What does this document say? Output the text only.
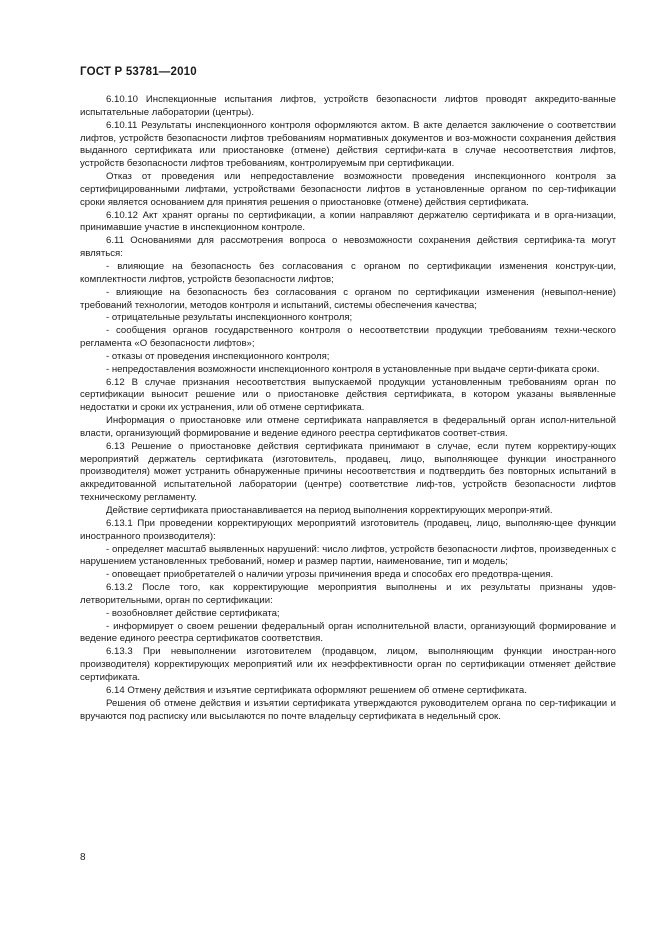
ГОСТ Р 53781—2010

6.10.10 Инспекционные испытания лифтов, устройств безопасности лифтов проводят аккредито-ванные испытательные лаборатории (центры).

6.10.11 Результаты инспекционного контроля оформляются актом. В акте делается заключение о соответствии лифтов, устройств безопасности лифтов требованиям нормативных документов и воз-можности сохранения действия выданного сертификата или приостановке (отмене) действия сертифи-ката в случае несоответствия лифтов, устройств безопасности лифтов требованиям, контролируемым при сертификации.

Отказ от проведения или непредоставление возможности проведения инспекционного контроля за сертифицированными лифтами, устройствами безопасности лифтов в установленные органом по сер-тификации сроки является основанием для принятия решения о приостановке (отмене) действия сертификата.

6.10.12 Акт хранят органы по сертификации, а копии направляют держателю сертификата и в орга-низации, принимавшие участие в инспекционном контроле.

6.11 Основаниями для рассмотрения вопроса о невозможности сохранения действия сертифика-та могут являться:

- влияющие на безопасность без согласования с органом по сертификации изменения конструк-ции, комплектности лифтов, устройств безопасности лифтов;

- влияющие на безопасность без согласования с органом по сертификации изменения (невыпол-нение) требований технологии, методов контроля и испытаний, системы обеспечения качества;

- отрицательные результаты инспекционного контроля;

- сообщения органов государственного контроля о несоответствии продукции требованиям техни-ческого регламента «О безопасности лифтов»;

- отказы от проведения инспекционного контроля;

- непредоставления возможности инспекционного контроля в установленные при выдаче серти-фиката сроки.

6.12 В случае признания несоответствия выпускаемой продукции установленным требованиям орган по сертификации выносит решение или о приостановке действия сертификата, в котором указаны выявленные недостатки и сроки их устранения, или об отмене сертификата.

Информация о приостановке или отмене сертификата направляется в федеральный орган испол-нительной власти, организующий формирование и ведение единого реестра сертификатов соответ-ствия.

6.13 Решение о приостановке действия сертификата принимают в случае, если путем корректиру-ющих мероприятий держатель сертификата (изготовитель, продавец, лицо, выполняющее функции иностранного производителя) может устранить обнаруженные причины несоответствия и подтвердить без повторных испытаний в аккредитованной испытательной лаборатории (центре) соответствие лиф-тов, устройств безопасности лифтов техническому регламенту.

Действие сертификата приостанавливается на период выполнения корректирующих меропри-ятий.

6.13.1 При проведении корректирующих мероприятий изготовитель (продавец, лицо, выполняю-щее функции иностранного производителя):

- определяет масштаб выявленных нарушений: число лифтов, устройств безопасности лифтов, произведенных с нарушением установленных требований, номер и размер партии, наименование, тип и модель;

- оповещает приобретателей о наличии угрозы причинения вреда и способах его предотвра-щения.

6.13.2 После того, как корректирующие мероприятия выполнены и их результаты признаны удов-летворительными, орган по сертификации:

- возобновляет действие сертификата;

- информирует о своем решении федеральный орган исполнительной власти, организующий формирование и ведение единого реестра сертификатов соответствия.

6.13.3 При невыполнении изготовителем (продавцом, лицом, выполняющим функции иностран-ного производителя) корректирующих мероприятий или их неэффективности орган по сертификации отменяет действие сертификата.

6.14 Отмену действия и изъятие сертификата оформляют решением об отмене сертификата.

Решения об отмене действия и изъятии сертификата утверждаются руководителем органа по сер-тификации и вручаются под расписку или высылаются по почте владельцу сертификата в недельный срок.

8
